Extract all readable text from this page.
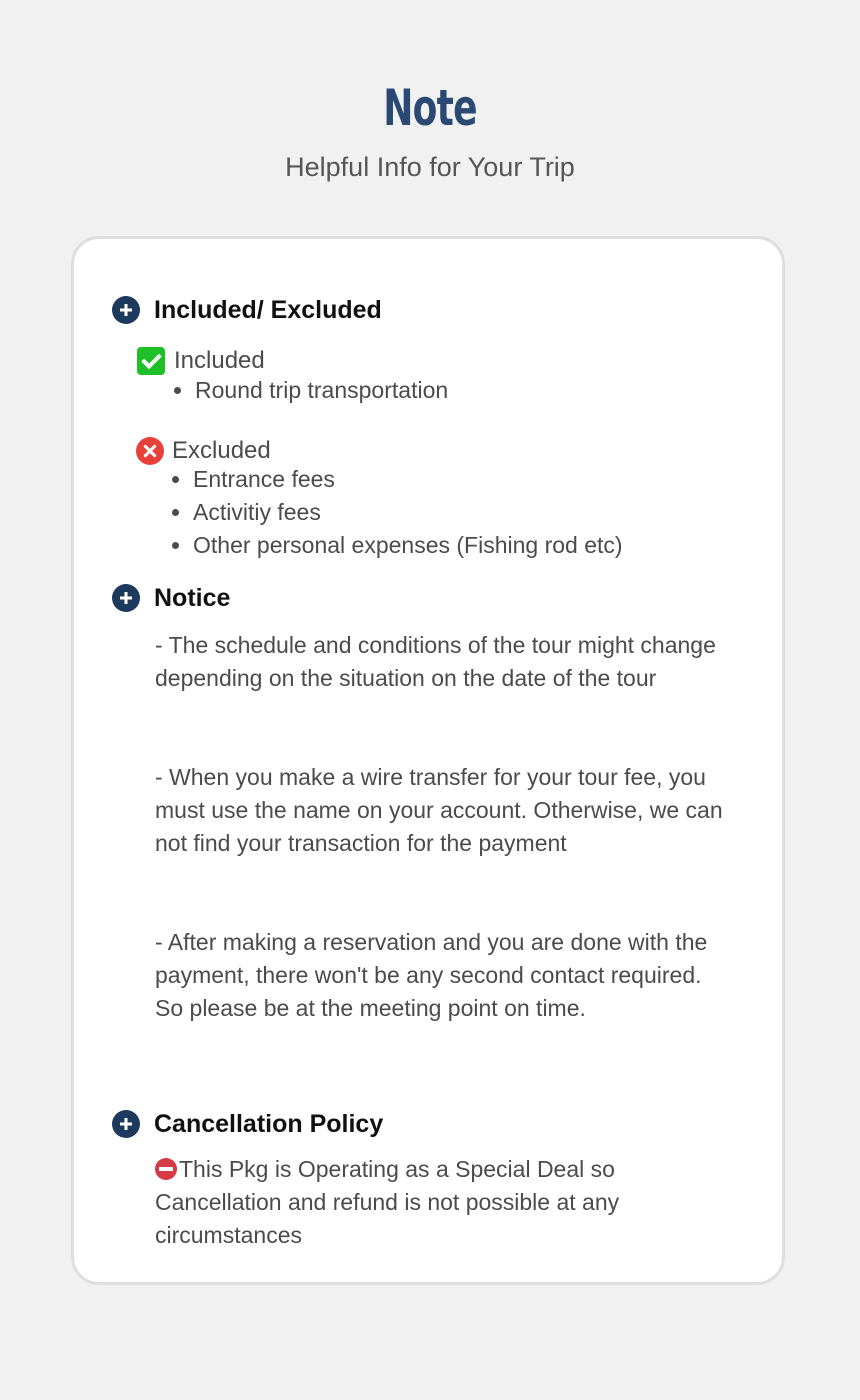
Note
Helpful Info for Your Trip
Included/ Excluded
Included
• Round trip transportation
Excluded
• Entrance fees
• Activitiy fees
• Other personal expenses (Fishing rod etc)
Notice
- The schedule and conditions of the tour might change depending on the situation on the date of the tour
- When you make a wire transfer for your tour fee, you must use the name on your account. Otherwise, we can not find your transaction for the payment
- After making a reservation and you are done with the payment, there won't be any second contact required. So please be at the meeting point on time.
Cancellation Policy
This Pkg is Operating as a Special Deal so Cancellation and refund is not possible at any circumstances
